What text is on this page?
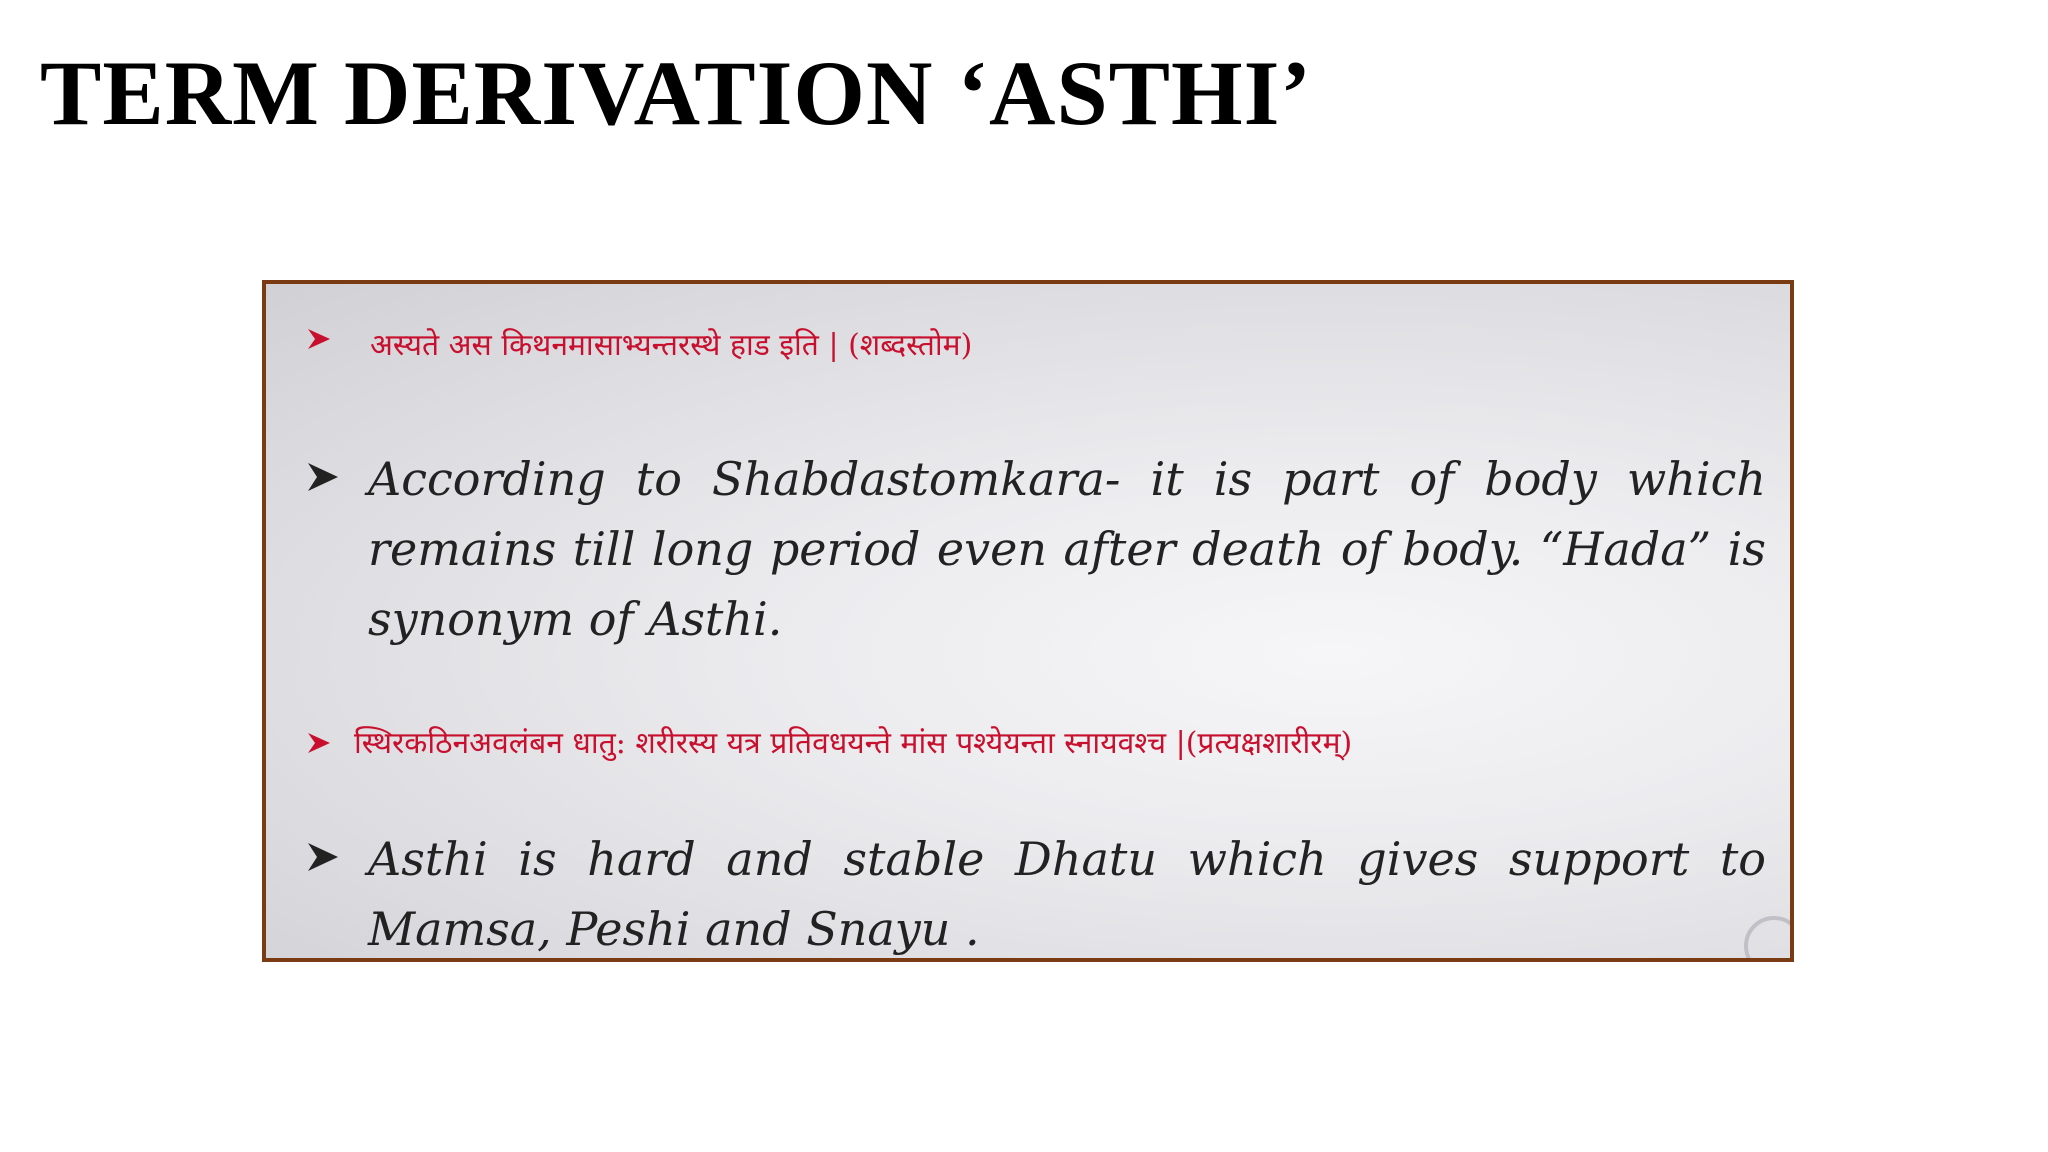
TERM DERIVATION ‘ASTHI’
अस्यते अस किथनमासाभ्यन्तरस्थे हाड इति | (शब्दस्तोम)
According to Shabdastomkara- it is part of body which remains till long period even after death of body. “Hada” is synonym of Asthi.
स्थिरकठिनअवलंबन धातु: शरीरस्य यत्र प्रतिवधयन्ते मांस पश्येयन्ता स्नायवश्च |(प्रत्यक्षशारीरम्)
Asthi is hard and stable Dhatu which gives support to Mamsa, Peshi and Snayu .
